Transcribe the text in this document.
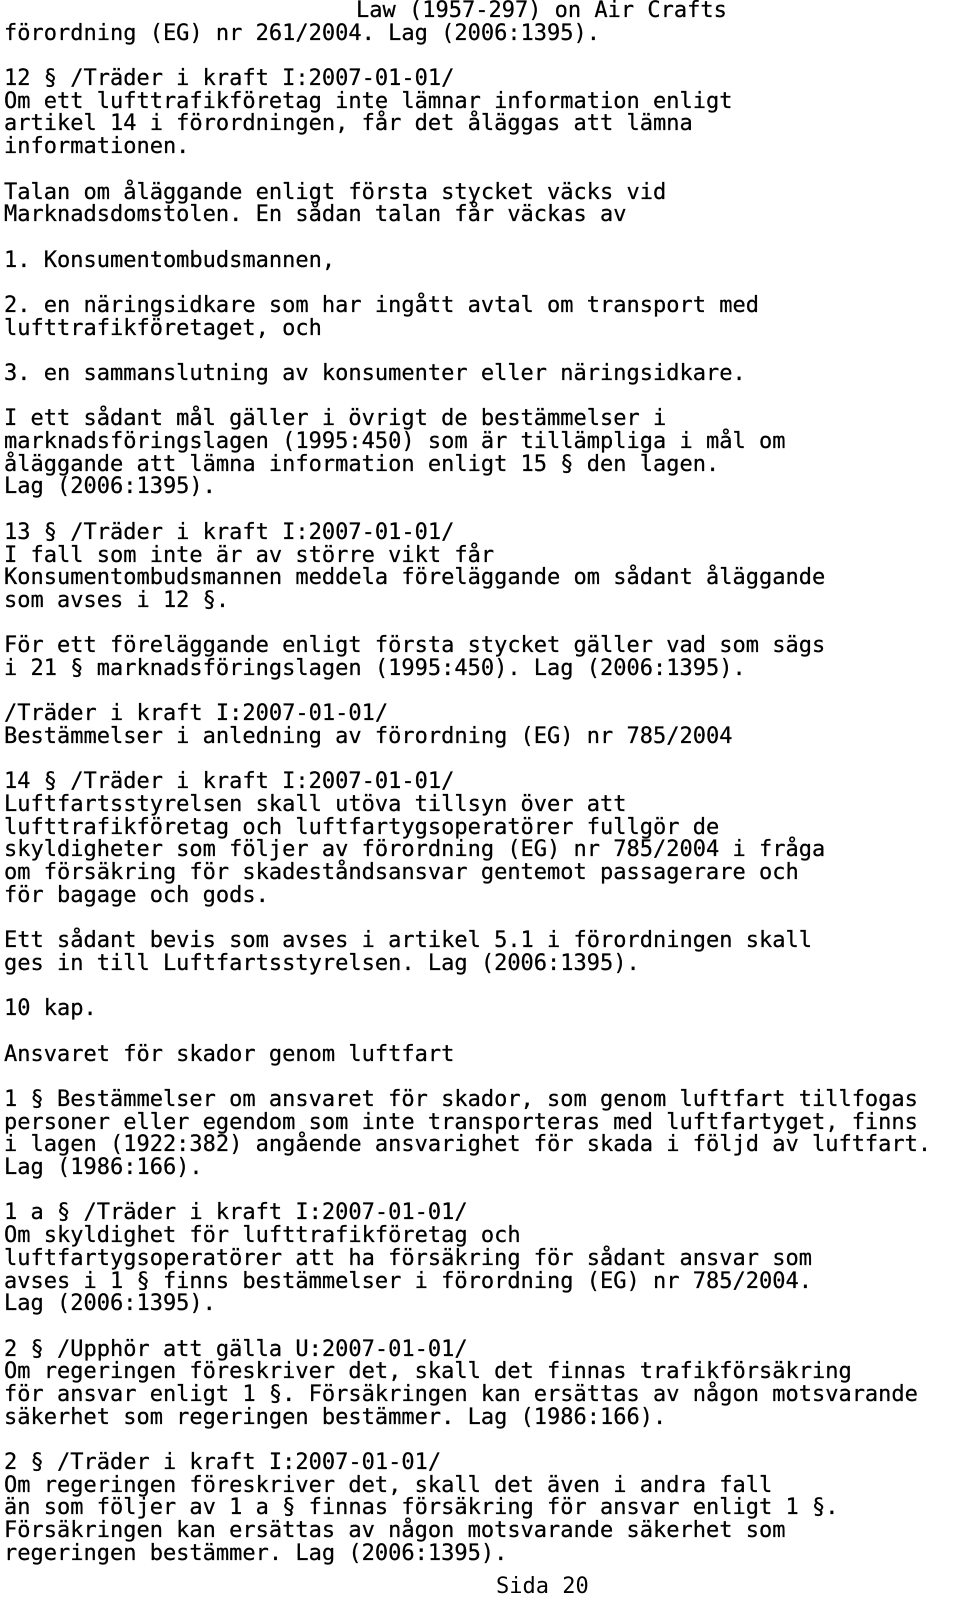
Law (1957-297) on Air Crafts
förordning (EG) nr 261/2004. Lag (2006:1395).
12 § /Träder i kraft I:2007-01-01/
Om ett lufttrafikföretag inte lämnar information enligt
artikel 14 i förordningen, får det åläggas att lämna
informationen.
Talan om åläggande enligt första stycket väcks vid
Marknadsdomstolen. En sådan talan får väckas av
1. Konsumentombudsmannen,
2. en näringsidkare som har ingått avtal om transport med
lufttrafikföretaget, och
3. en sammanslutning av konsumenter eller näringsidkare.
I ett sådant mål gäller i övrigt de bestämmelser i
marknadsföringslagen (1995:450) som är tillämpliga i mål om
åläggande att lämna information enligt 15 § den lagen.
Lag (2006:1395).
13 § /Träder i kraft I:2007-01-01/
I fall som inte är av större vikt får
Konsumentombudsmannen meddela föreläggande om sådant åläggande
som avses i 12 §.
För ett föreläggande enligt första stycket gäller vad som sägs
i 21 § marknadsföringslagen (1995:450). Lag (2006:1395).
/Träder i kraft I:2007-01-01/
Bestämmelser i anledning av förordning (EG) nr 785/2004
14 § /Träder i kraft I:2007-01-01/
Luftfartsstyrelsen skall utöva tillsyn över att
lufttrafikföretag och luftfartygsoperatörer fullgör de
skyldigheter som följer av förordning (EG) nr 785/2004 i fråga
om försäkring för skadeståndsansvar gentemot passagerare och
för bagage och gods.
Ett sådant bevis som avses i artikel 5.1 i förordningen skall
ges in till Luftfartsstyrelsen. Lag (2006:1395).
10 kap.
Ansvaret för skador genom luftfart
1 § Bestämmelser om ansvaret för skador, som genom luftfart tillfogas
personer eller egendom som inte transporteras med luftfartyget, finns
i lagen (1922:382) angående ansvarighet för skada i följd av luftfart.
Lag (1986:166).
1 a § /Träder i kraft I:2007-01-01/
Om skyldighet för lufttrafikföretag och
luftfartygsoperatörer att ha försäkring för sådant ansvar som
avses i 1 § finns bestämmelser i förordning (EG) nr 785/2004.
Lag (2006:1395).
2 § /Upphör att gälla U:2007-01-01/
Om regeringen föreskriver det, skall det finnas trafikförsäkring
för ansvar enligt 1 §. Försäkringen kan ersättas av någon motsvarande
säkerhet som regeringen bestämmer. Lag (1986:166).
2 § /Träder i kraft I:2007-01-01/
Om regeringen föreskriver det, skall det även i andra fall
än som följer av 1 a § finnas försäkring för ansvar enligt 1 §.
Försäkringen kan ersättas av någon motsvarande säkerhet som
regeringen bestämmer. Lag (2006:1395).
Sida 20
